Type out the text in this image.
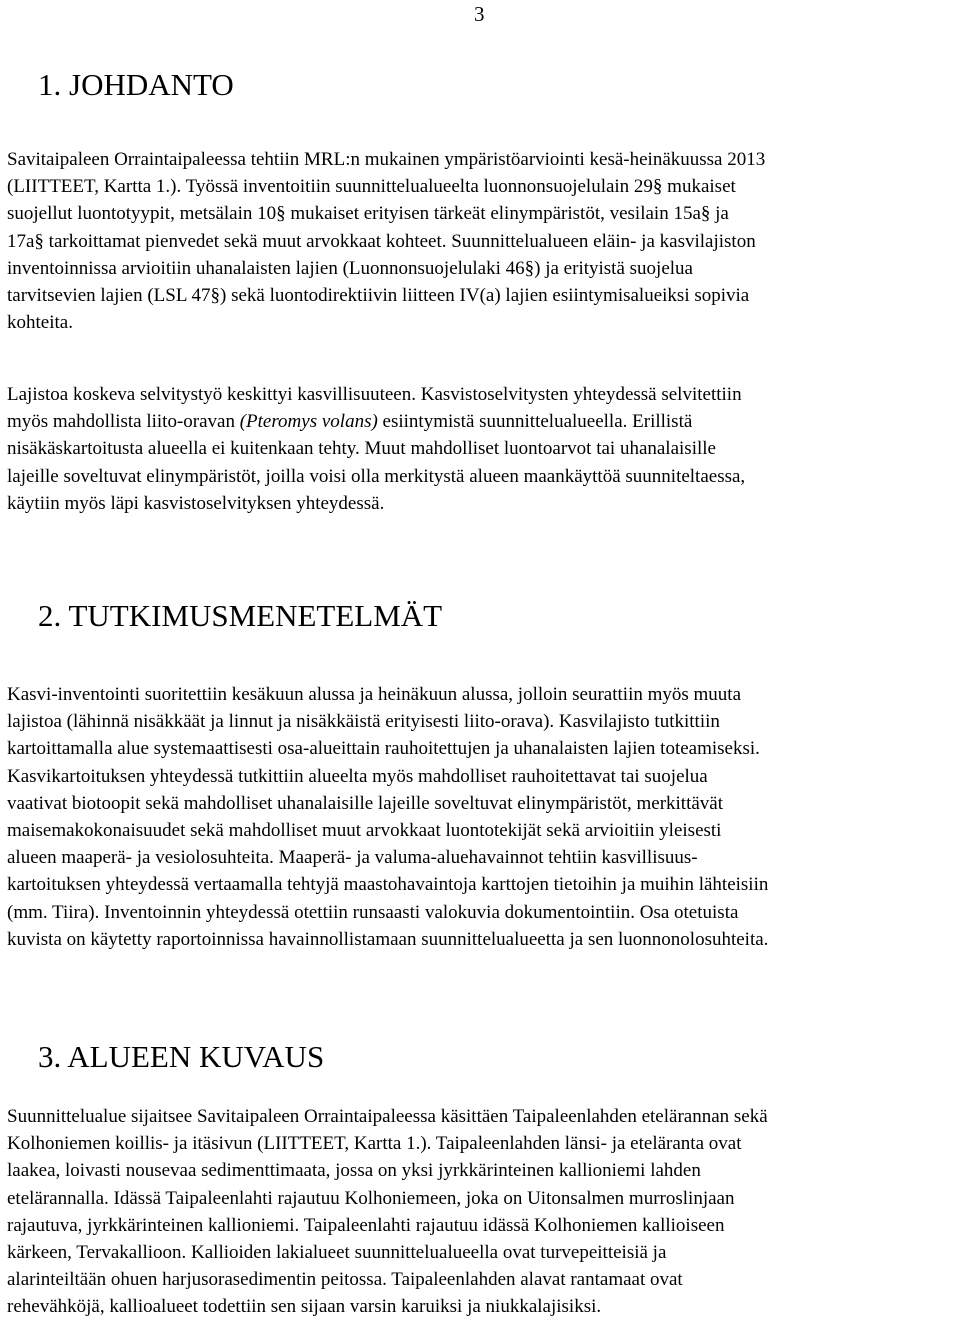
3
1. JOHDANTO
Savitaipaleen Orraintaipaleessa tehtiin MRL:n mukainen ympäristöarviointi kesä-heinäkuussa 2013
(LIITTEET, Kartta 1.). Työssä inventoitiin suunnittelualueelta luonnonsuojelulain 29§ mukaiset
suojellut luontotyypit, metsälain 10§ mukaiset erityisen tärkeät elinympäristöt, vesilain 15a§ ja
17a§ tarkoittamat pienvedet sekä muut arvokkaat kohteet. Suunnittelualueen eläin- ja kasvilajiston
inventoinnissa arvioitiin uhanalaisten lajien (Luonnonsuojelulaki 46§) ja erityistä suojelua
tarvitsevien lajien (LSL 47§) sekä luontodirektiivin liitteen IV(a) lajien esiintymisalueiksi sopivia
kohteita.
Lajistoa koskeva selvitystyö keskittyi kasvillisuuteen. Kasvistoselvitysten yhteydessä selvitettiin
myös mahdollista liito-oravan (Pteromys volans) esiintymistä suunnittelualueella. Erillistä
nisäkäskartoitusta alueella ei kuitenkaan tehty. Muut mahdolliset luontoarvot tai uhanalaisille
lajeille soveltuvat elinympäristöt, joilla voisi olla merkitystä alueen maankäyttöä suunniteltaessa,
käytiin myös läpi kasvistoselvityksen yhteydessä.
2. TUTKIMUSMENETELMÄT
Kasvi-inventointi suoritettiin kesäkuun alussa ja heinäkuun alussa, jolloin seurattiin myös muuta
lajistoa (lähinnä nisäkkäät ja linnut ja nisäkkäistä erityisesti liito-orava). Kasvilajisto tutkittiin
kartoittamalla alue systemaattisesti osa-alueittain rauhoitettujen ja uhanalaisten lajien toteamiseksi.
Kasvikartoituksen yhteydessä tutkittiin alueelta myös mahdolliset rauhoitettavat tai suojelua
vaativat biotoopit sekä mahdolliset uhanalaisille lajeille soveltuvat elinympäristöt, merkittävät
maisemakokonaisuudet sekä mahdolliset muut arvokkaat luontotekijät sekä arvioitiin yleisesti
alueen maaperä- ja vesiolosuhteita. Maaperä- ja valuma-aluehavainnot tehtiin kasvillisuus-
kartoituksen yhteydessä vertaamalla tehtyjä maastohavaintoja karttojen tietoihin ja muihin lähteisiin
(mm. Tiira). Inventoinnin yhteydessä otettiin runsaasti valokuvia dokumentointiin. Osa otetuista
kuvista on käytetty raportoinnissa havainnollistamaan suunnittelualueetta ja sen luonnonolosuhteita.
3. ALUEEN KUVAUS
Suunnittelualue sijaitsee Savitaipaleen Orraintaipaleessa käsittäen Taipaleenlahden etelärannan sekä
Kolhoniemen koillis- ja itäsivun (LIITTEET, Kartta 1.). Taipaleenlahden länsi- ja eteläranta ovat
laakea, loivasti nousevaa sedimenttimaata, jossa on yksi jyrkkärinteinen kallioniemi lahden
etelärannalla. Idässä Taipaleenlahti rajautuu Kolhoniemeen, joka on Uitonsalmen murroslinjaan
rajautuva, jyrkkärinteinen kallioniemi. Taipaleenlahti rajautuu idässä Kolhoniemen kallioiseen
kärkeen, Tervakallioon. Kallioiden lakialueet suunnittelualueella ovat turvepeitteisiä ja
alarinteiltään ohuen harjusorasedimentin peitossa. Taipaleenlahden alavat rantamaat ovat
rehevähköjä, kallioalueet todettiin sen sijaan varsin karuiksi ja niukkalajisiksi.
